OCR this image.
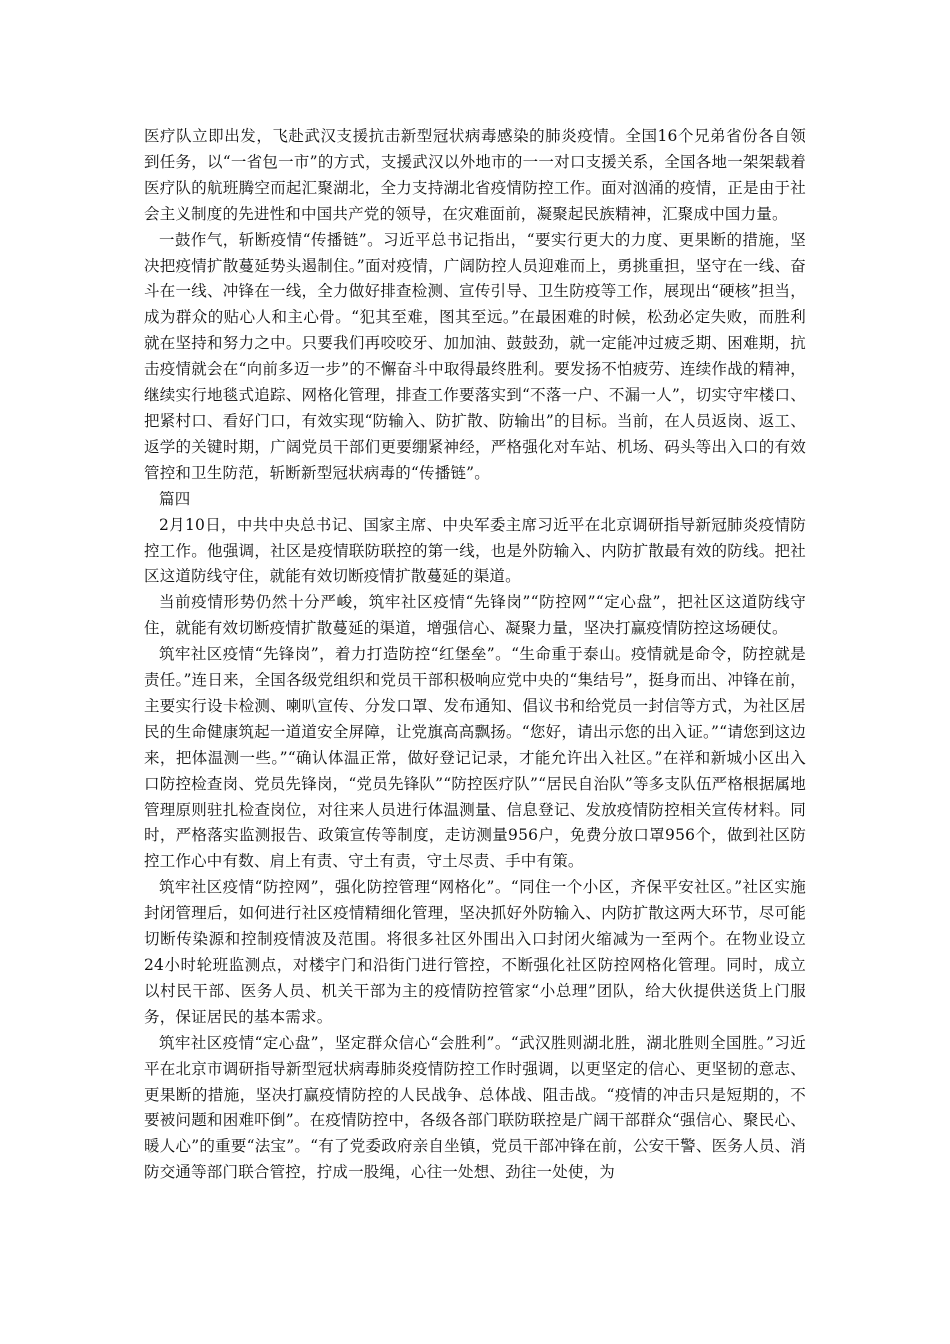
医疗队立即出发，飞赴武汉支援抗击新型冠状病毒感染的肺炎疫情。全国16个兄弟省份各自领到任务，以“一省包一市”的方式，支援武汉以外地市的一一对口支援关系，全国各地一架架载着医疗队的航班腾空而起汇聚湖北，全力支持湖北省疫情防控工作。面对汹涌的疫情，正是由于社会主义制度的先进性和中国共产党的领导，在灾难面前，凝聚起民族精神，汇聚成中国力量。

一鼓作气，斩断疫情“传播链”。习近平总书记指出，“要实行更大的力度、更果断的措施，坚决把疫情扩散蔓延势头遏制住。”面对疫情，广阔防控人员迎难而上，勇挑重担，坚守在一线、奋斗在一线、冲锋在一线，全力做好排查检测、宣传引导、卫生防疫等工作，展现出“硬核”担当，成为群众的贴心人和主心骨。“犯其至难，图其至远。”在最困难的时候，松劲必定失败，而胜利就在坚持和努力之中。只要我们再咬咬牙、加加油、鼓鼓劲，就一定能冲过疲乏期、困难期，抗击疫情就会在“向前多迈一步”的不懈奋斗中取得最终胜利。要发扬不怕疲劳、连续作战的精神，继续实行地毯式追踪、网格化管理，排查工作要落实到“不落一户、不漏一人”，切实守牢楼口、把紧村口、看好门口，有效实现“防输入、防扩散、防输出”的目标。当前，在人员返岗、返工、返学的关键时期，广阔党员干部们更要绷紧神经，严格强化对车站、机场、码头等出入口的有效管控和卫生防范，斩断新型冠状病毒的“传播链”。

篇四

2月10日，中共中央总书记、国家主席、中央军委主席习近平在北京调研指导新冠肺炎疫情防控工作。他强调，社区是疫情联防联控的第一线，也是外防输入、内防扩散最有效的防线。把社区这道防线守住，就能有效切断疫情扩散蔓延的渠道。

当前疫情形势仍然十分严峻，筑牢社区疫情“先锋岗”“防控网”“定心盘”，把社区这道防线守住，就能有效切断疫情扩散蔓延的渠道，增强信心、凝聚力量，坚决打赢疫情防控这场硬仗。

筑牢社区疫情“先锋岗”，着力打造防控“红堡垒”。“生命重于泰山。疫情就是命令，防控就是责任。”连日来，全国各级党组织和党员干部积极响应党中央的“集结号”，挺身而出、冲锋在前，主要实行设卡检测、喇叭宣传、分发口罩、发布通知、倡议书和给党员一封信等方式，为社区居民的生命健康筑起一道道安全屏障，让党旗高高飘扬。“您好，请出示您的出入证。”“请您到这边来，把体温测一些。”“确认体温正常，做好登记记录，才能允许出入社区。”在祥和新城小区出入口防控检查岗、党员先锋岗，“党员先锋队”“防控医疗队”“居民自治队”等多支队伍严格根据属地管理原则驻扎检查岗位，对往来人员进行体温测量、信息登记、发放疫情防控相关宣传材料。同时，严格落实监测报告、政策宣传等制度，走访测量956户，免费分放口罩956个，做到社区防控工作心中有数、肩上有责、守土有责，守土尽责、手中有策。

筑牢社区疫情“防控网”，强化防控管理“网格化”。“同住一个小区，齐保平安社区。”社区实施封闭管理后，如何进行社区疫情精细化管理，坚决抓好外防输入、内防扩散这两大环节，尽可能切断传染源和控制疫情波及范围。将很多社区外围出入口封闭火缩减为一至两个。在物业设立24小时轮班监测点，对楼宇门和沿街门进行管控，不断强化社区防控网格化管理。同时，成立以村民干部、医务人员、机关干部为主的疫情防控管家“小总理”团队，给大伙提供送货上门服务，保证居民的基本需求。

筑牢社区疫情“定心盘”，坚定群众信心“会胜利”。“武汉胜则湖北胜，湖北胜则全国胜。”习近平在北京市调研指导新型冠状病毒肺炎疫情防控工作时强调，以更坚定的信心、更坚韧的意志、更果断的措施，坚决打赢疫情防控的人民战争、总体战、阻击战。“疫情的冲击只是短期的，不要被问题和困难吓倒”。在疫情防控中，各级各部门联防联控是广阔干部群众“强信心、聚民心、暖人心”的重要“法宝”。“有了党委政府亲自坐镇，党员干部冲锋在前，公安干警、医务人员、消防交通等部门联合管控，拧成一股绳，心往一处想、劲往一处使，为
